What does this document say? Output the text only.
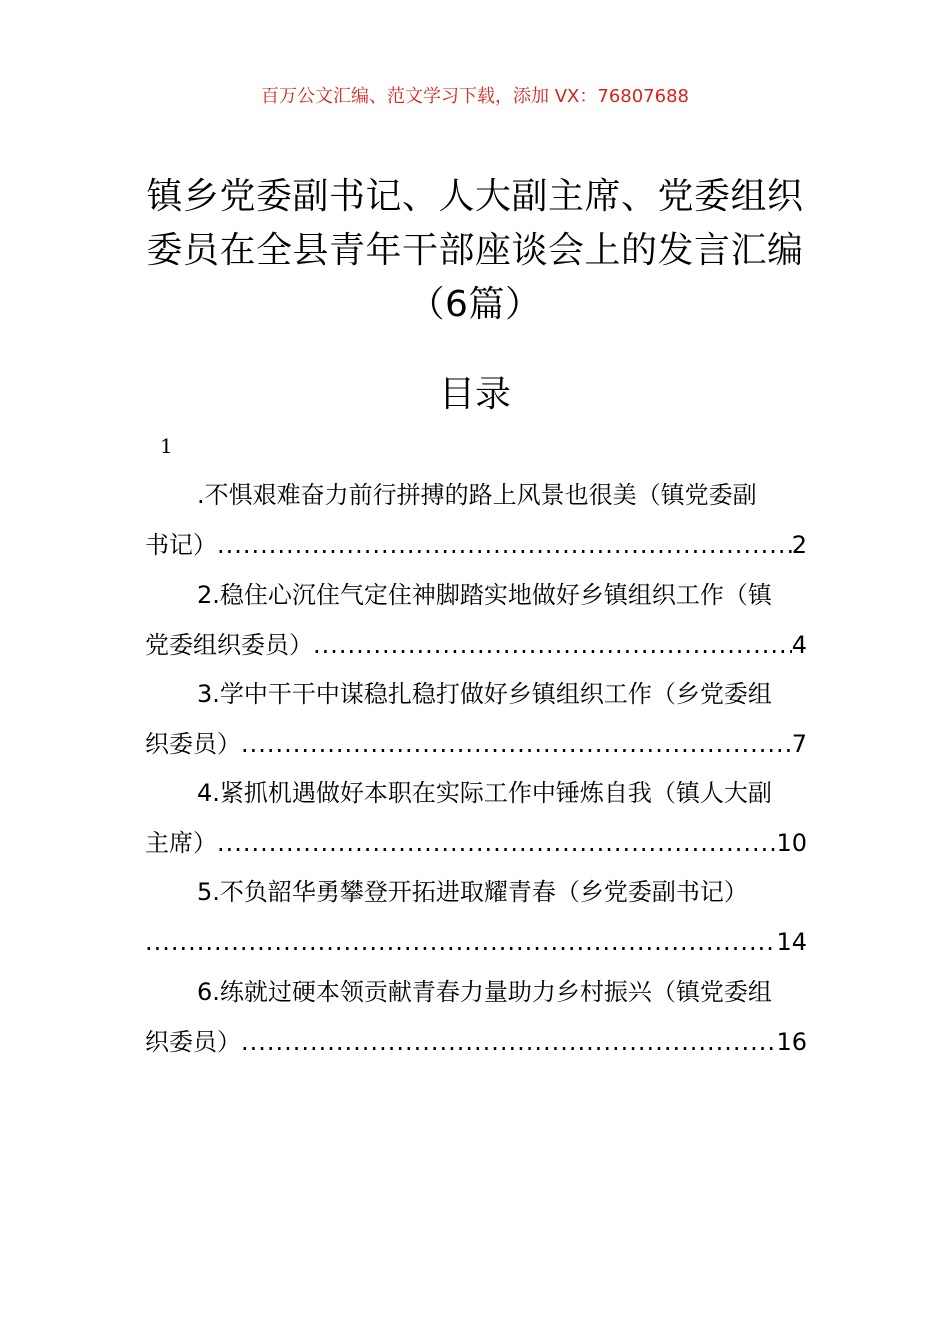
百万公文汇编、范文学习下载，添加 VX：76807688
镇乡党委副书记、人大副主席、党委组织
委员在全县青年干部座谈会上的发言汇编
（6篇）
目录
1
.不惧艰难奋力前行拼搏的路上风景也很美（镇党委副
书记） .....	2
2.稳住心沉住气定住神脚踏实地做好乡镇组织工作（镇
党委组织委员） .....	4
3.学中干干中谋稳扎稳打做好乡镇组织工作（乡党委组
织委员） .....	7
4.紧抓机遇做好本职在实际工作中锤炼自我（镇人大副
主席） .....	10
5.不负韶华勇攀登开拓进取耀青春（乡党委副书记）
.....
14
6.练就过硬本领贡献青春力量助力乡村振兴（镇党委组
织委员） .....	16
